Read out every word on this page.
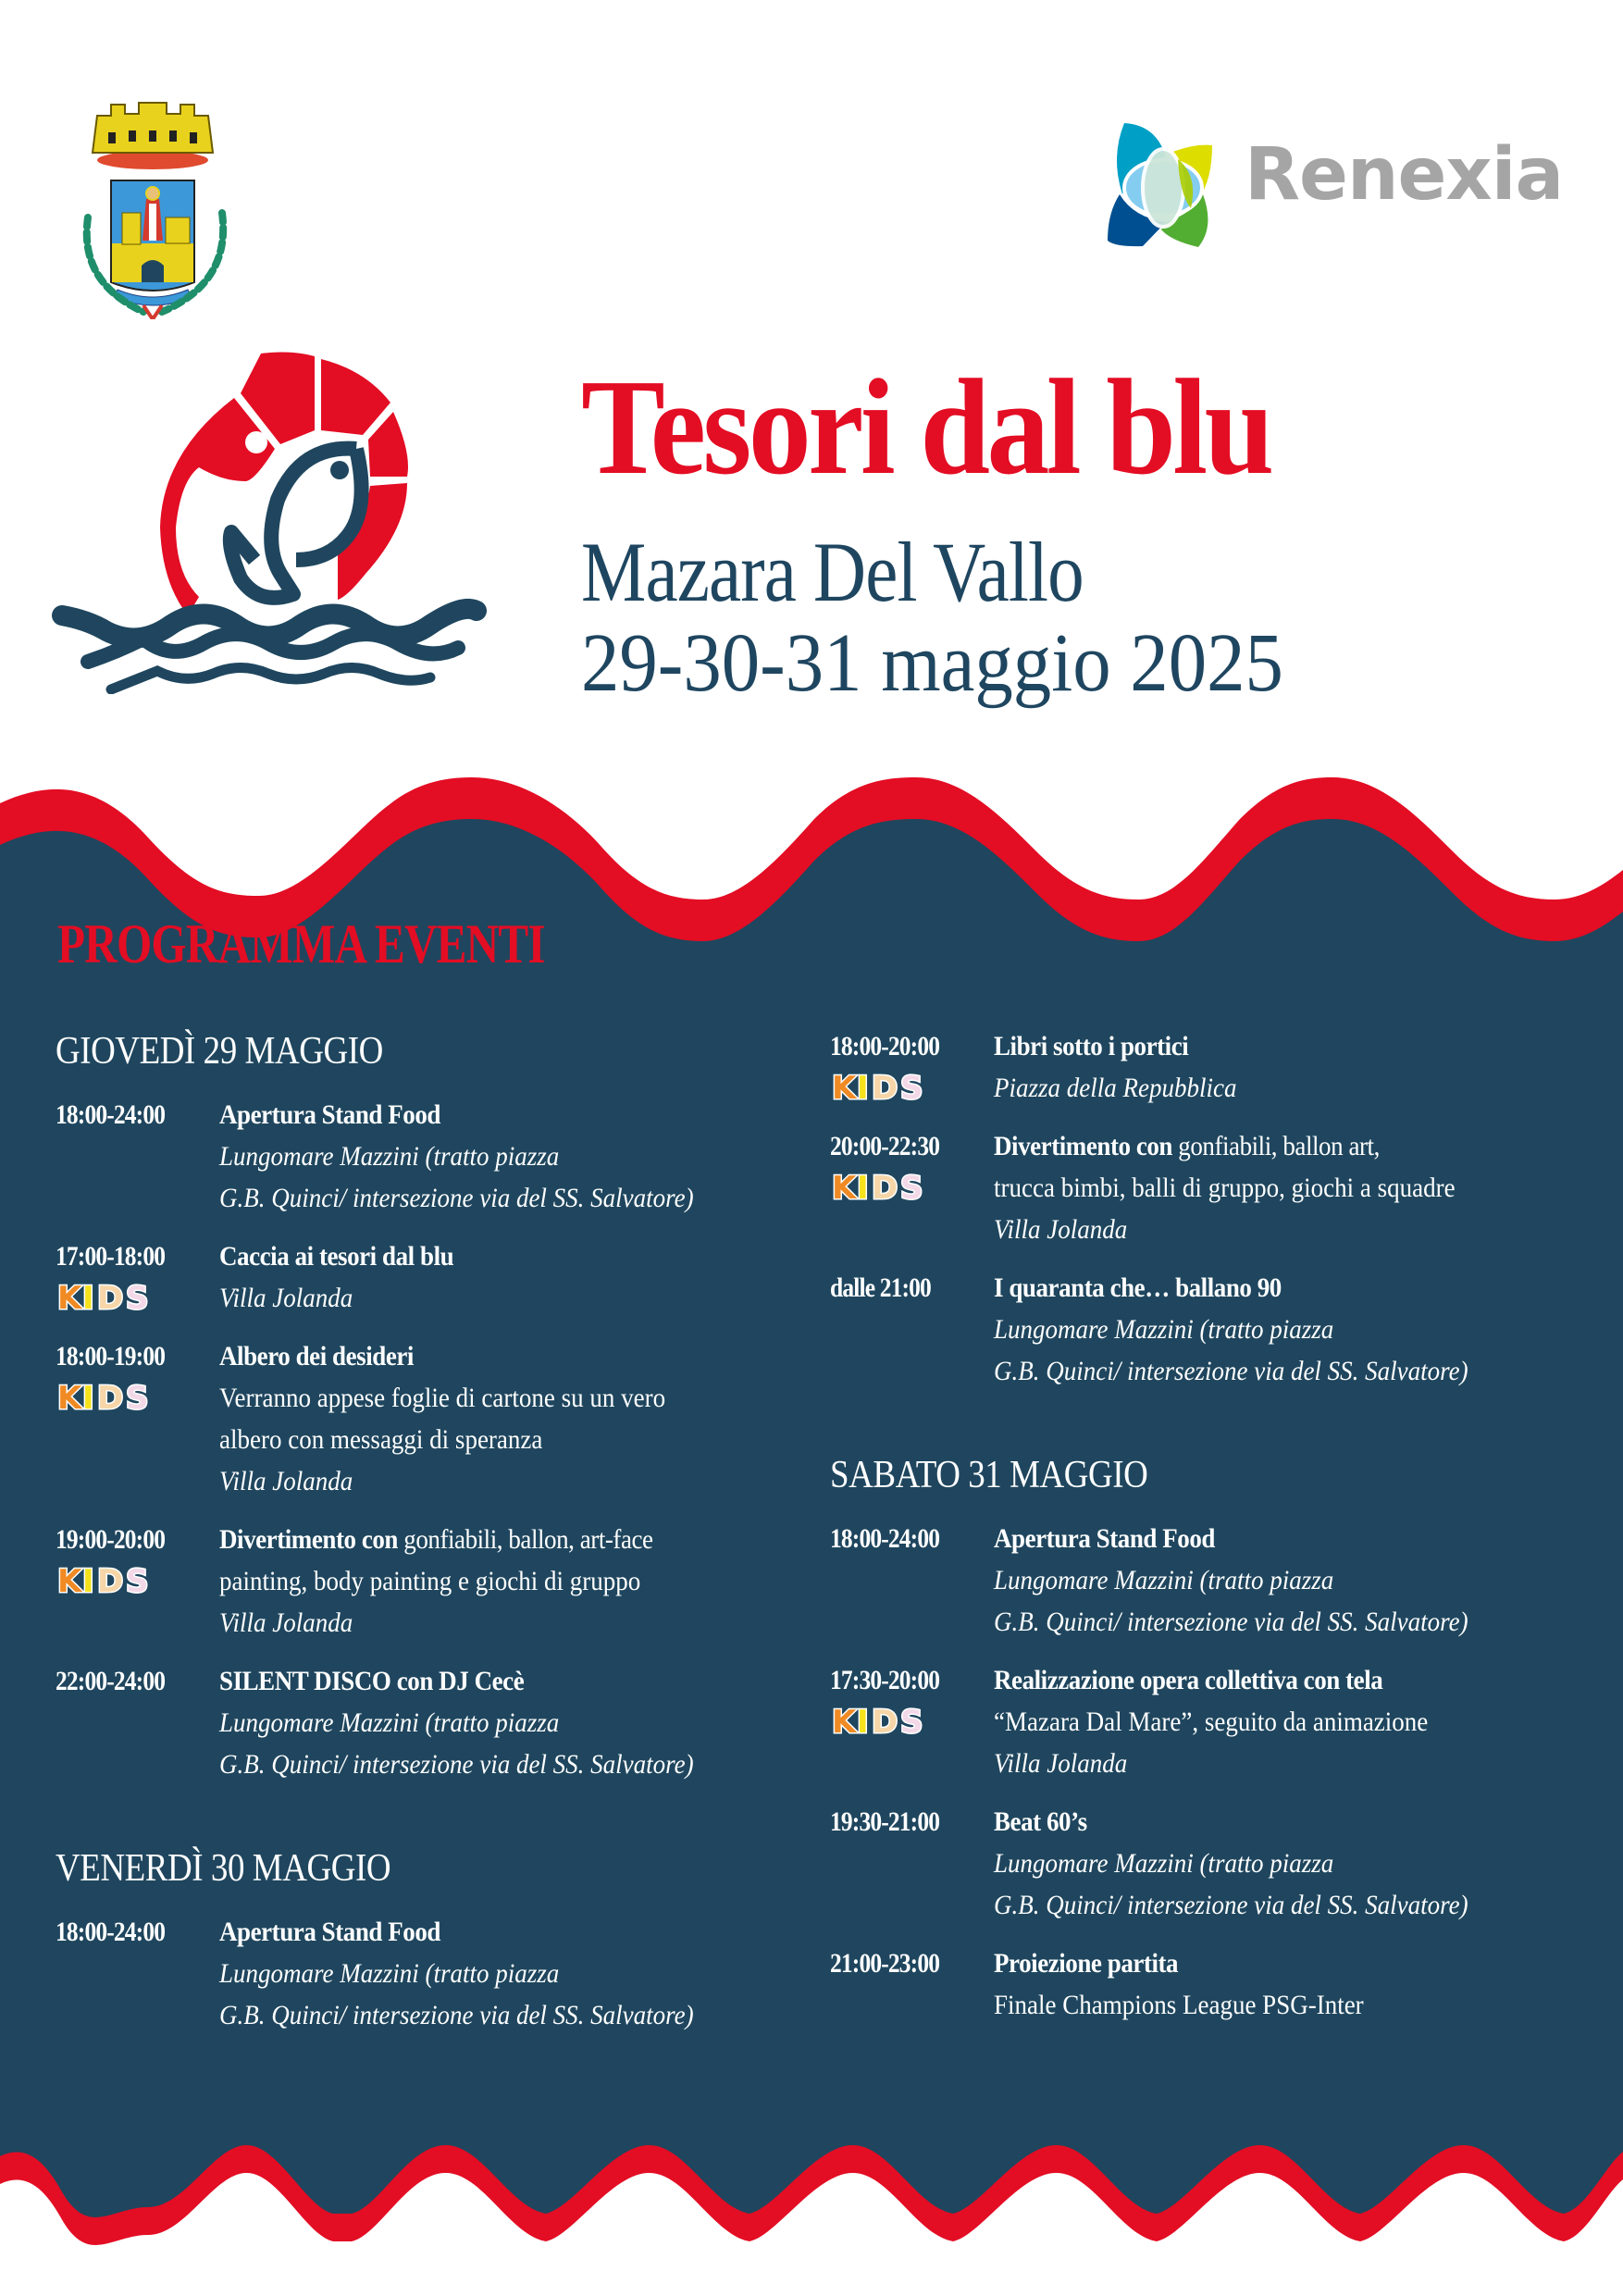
Renexia
Tesori dal blu
Mazara Del Vallo
29-30-31 maggio 2025
PROGRAMMA EVENTI
GIOVEDÌ 29 MAGGIO
18:00-24:00 Apertura Stand Food
Lungomare Mazzini (tratto piazza
G.B. Quinci/ intersezione via del SS. Salvatore)
17:00-18:00 Caccia ai tesori dal blu
Villa Jolanda
K I D S
18:00-19:00 Albero dei desideri
Verranno appese foglie di cartone su un vero
albero con messaggi di speranza
Villa Jolanda
K I D S
19:00-20:00 Divertimento con gonfiabili, ballon, art-face
painting, body painting e giochi di gruppo
Villa Jolanda
K I D S
22:00-24:00 SILENT DISCO con DJ Cecè
Lungomare Mazzini (tratto piazza
G.B. Quinci/ intersezione via del SS. Salvatore)
VENERDÌ 30 MAGGIO
18:00-24:00 Apertura Stand Food
Lungomare Mazzini (tratto piazza
G.B. Quinci/ intersezione via del SS. Salvatore)
18:00-20:00 Libri sotto i portici
Piazza della Repubblica
K I D S
20:00-22:30 Divertimento con gonfiabili, ballon art,
trucca bimbi, balli di gruppo, giochi a squadre
Villa Jolanda
K I D S
dalle 21:00 I quaranta che… ballano 90
Lungomare Mazzini (tratto piazza
G.B. Quinci/ intersezione via del SS. Salvatore)
SABATO 31 MAGGIO
18:00-24:00 Apertura Stand Food
Lungomare Mazzini (tratto piazza
G.B. Quinci/ intersezione via del SS. Salvatore)
17:30-20:00 Realizzazione opera collettiva con tela
“Mazara Dal Mare”, seguito da animazione
Villa Jolanda
K I D S
19:30-21:00 Beat 60’s
Lungomare Mazzini (tratto piazza
G.B. Quinci/ intersezione via del SS. Salvatore)
21:00-23:00 Proiezione partita
Finale Champions League PSG-Inter
